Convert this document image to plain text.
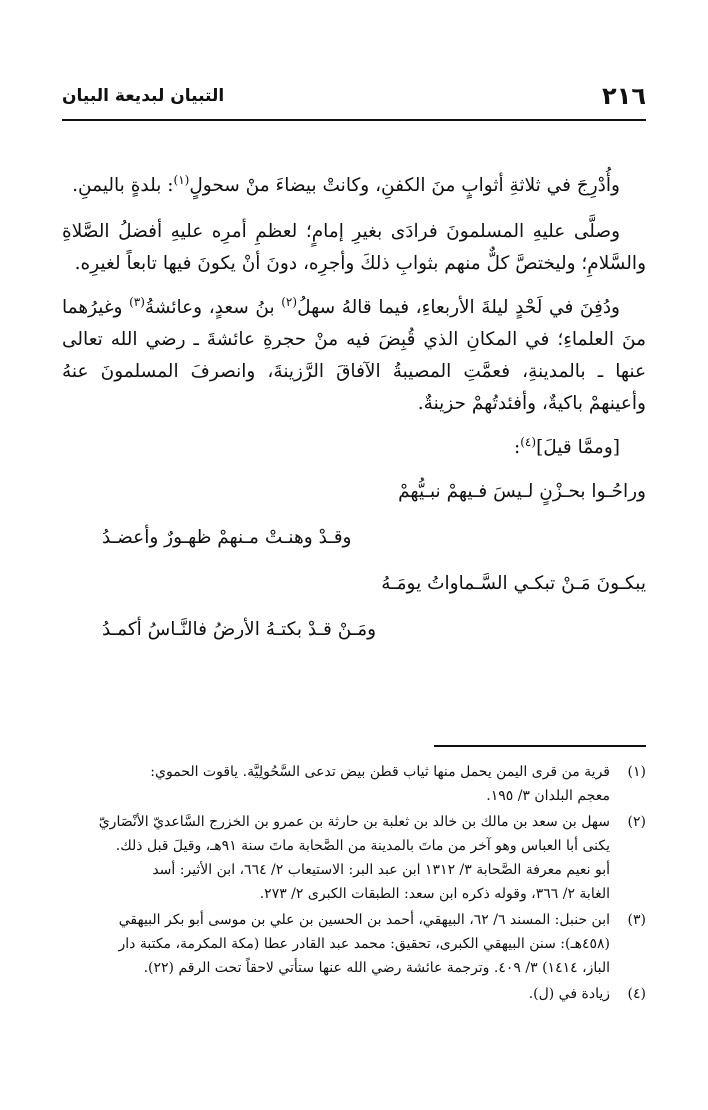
٢١٦
التبيان لبديعة البيان

وأُدْرِجَ في ثلاثةِ أثوابٍ منَ الكفنِ، وكانتْ بيضاءَ منْ سحولٍ$^{(١)}$: بلدةٍ باليمنِ.

وصلَّى عليهِ المسلمونَ فرادَى بغيرِ إمامٍ؛ لعظمِ أمرِه عليهِ أفضلُ الصَّلاةِ والسَّلامِ؛ وليختصَّ كلٌّ منهم بثوابِ ذلكَ وأجرِه، دونَ أنْ يكونَ فيها تابعاً لغيرِه.

ودُفِنَ في لَحْدٍ ليلةَ الأربعاءِ، فيما قالهُ سهلُ$^{(٢)}$ بنُ سعدٍ، وعائشةُ$^{(٣)}$ وغيرُهما منَ العلماءِ؛ في المكانِ الذي قُبِضَ فيه منْ حجرةِ عائشةَ ـ رضي الله تعالى عنها ـ بالمدينةِ، فعمَّتِ المصيبةُ الآفاقَ الرَّزينةَ، وانصرفَ المسلمونَ عنهُ وأعينهمْ باكيةٌ، وأفئدتُهمْ حزينةٌ.

[وممَّا قيلَ]$^{(٤)}$:
وراحُـوا بحـزْنٍ لـيسَ فـيهمْ نبـيُّهمْ
وقـدْ وهنـتْ مـنهمْ ظهـورٌ وأعضـدُ
يبكـونَ مَـنْ تبكـي السَّـماواتُ يومَـهُ
ومَـنْ قـدْ بكتـهُ الأرضُ فالنَّـاسُ أكمـدُ
(١)
قرية من قرى اليمن يحمل منها ثياب قطن بيض تدعى السَّحُولِيَّة. ياقوت الحموي:
معجم البلدان ٣/ ١٩٥.
(٢)
سهل بن سعد بن مالك بن خالد بن ثعلبة بن حارثة بن عمرو بن الخزرج السَّاعديّ الأنْصَاريّ
يكنى أبا العباس وهو آخر من ماتَ بالمدينة من الصَّحابة ماتَ سنة ٩١هـ، وقيلَ قبل ذلك.
أبو نعيم معرفة الصَّحابة ٣/ ١٣١٢ ابن عبد البر: الاستيعاب ٢/ ٦٦٤، ابن الأثير: أسد
الغابة ٢/ ٣٦٦، وقوله ذكره ابن سعد: الطبقات الكبرى ٢/ ٢٧٣.
(٣)
ابن حنبل: المسند ٦/ ٦٢، البيهقي، أحمد بن الحسين بن علي بن موسى أبو بكر البيهقي
(٤٥٨هـ): سنن البيهقي الكبرى، تحقيق: محمد عبد القادر عطا (مكة المكرمة، مكتبة دار
الباز، ١٤١٤) ٣/ ٤٠٩. وترجمة عائشة رضي الله عنها ستأتي لاحقاً تحت الرقم (٢٢).
(٤)
زيادة في (ل).
